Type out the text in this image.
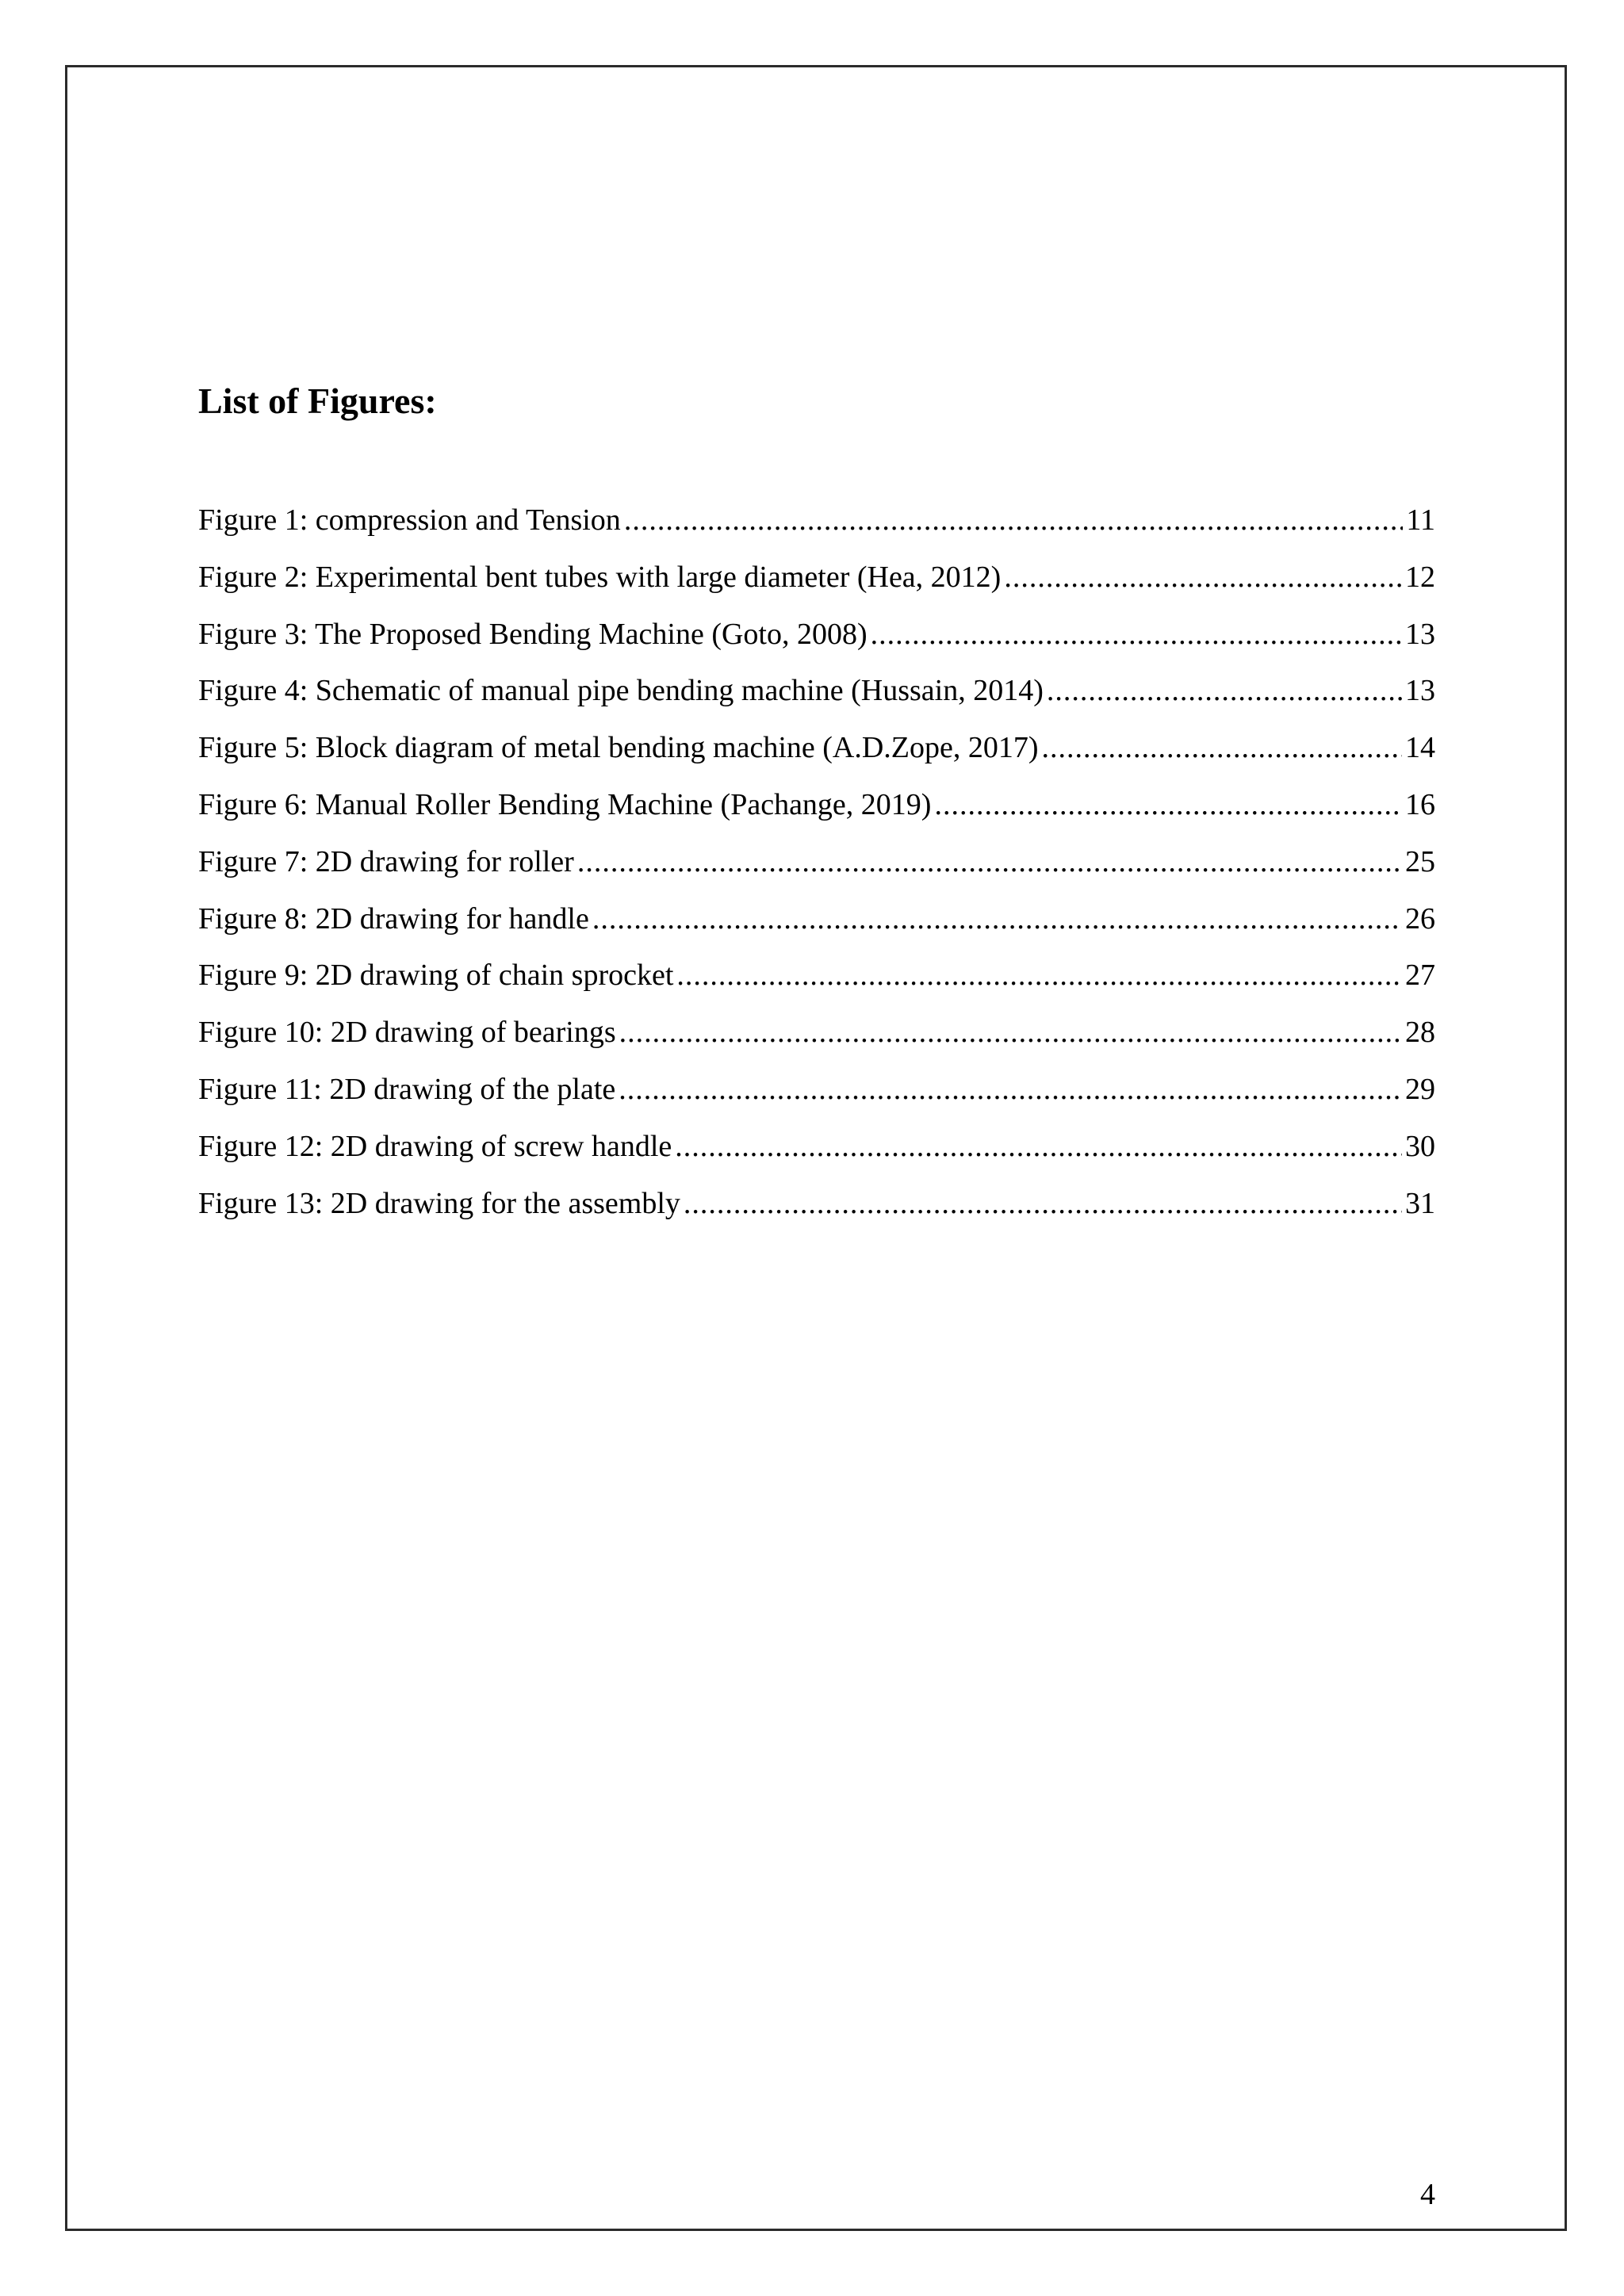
List of Figures:
Figure 1: compression and Tension .....	11
Figure 2: Experimental bent tubes with large diameter (Hea, 2012) .....	12
Figure 3: The Proposed Bending Machine (Goto, 2008) .....	13
Figure 4: Schematic of manual pipe bending machine (Hussain, 2014) .....	13
Figure 5: Block diagram of metal bending machine (A.D.Zope, 2017) .....	14
Figure 6: Manual Roller Bending Machine (Pachange, 2019) .....	16
Figure 7: 2D drawing for roller .....	25
Figure 8: 2D drawing for handle .....	26
Figure 9: 2D drawing of chain sprocket .....	27
Figure 10: 2D drawing of bearings .....	28
Figure 11: 2D drawing of the plate .....	29
Figure 12: 2D drawing of screw handle .....	30
Figure 13: 2D drawing for the assembly .....	31
4
